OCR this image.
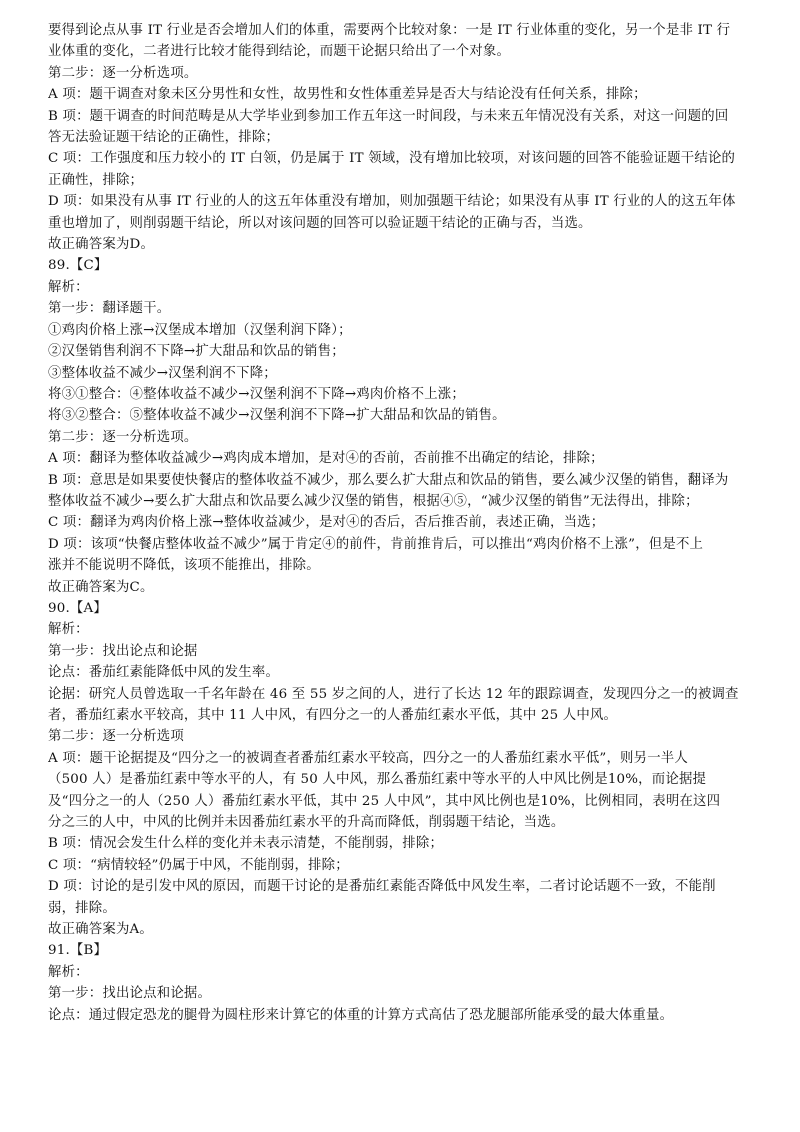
要得到论点从事 IT 行业是否会增加人们的体重，需要两个比较对象：一是 IT 行业体重的变化，另一个是非 IT 行
业体重的变化，二者进行比较才能得到结论，而题干论据只给出了一个对象。
第二步：逐一分析选项。
A 项：题干调查对象未区分男性和女性，故男性和女性体重差异是否大与结论没有任何关系，排除；
B 项：题干调查的时间范畴是从大学毕业到参加工作五年这一时间段，与未来五年情况没有关系，对这一问题的回
答无法验证题干结论的正确性，排除；
C 项：工作强度和压力较小的 IT 白领，仍是属于 IT 领域，没有增加比较项，对该问题的回答不能验证题干结论的
正确性，排除；
D 项：如果没有从事 IT 行业的人的这五年体重没有增加，则加强题干结论；如果没有从事 IT 行业的人的这五年体
重也增加了，则削弱题干结论，所以对该问题的回答可以验证题干结论的正确与否，当选。
故正确答案为D。
89.【C】
解析：
第一步：翻译题干。
①鸡肉价格上涨→汉堡成本增加（汉堡利润下降）；
②汉堡销售利润不下降→扩大甜品和饮品的销售；
③整体收益不减少→汉堡利润不下降；
将③①整合：④整体收益不减少→汉堡利润不下降→鸡肉价格不上涨；
将③②整合：⑤整体收益不减少→汉堡利润不下降→扩大甜品和饮品的销售。
第二步：逐一分析选项。
A 项：翻译为整体收益减少→鸡肉成本增加，是对④的否前，否前推不出确定的结论，排除；
B 项：意思是如果要使快餐店的整体收益不减少，那么要么扩大甜点和饮品的销售，要么减少汉堡的销售，翻译为
整体收益不减少→要么扩大甜点和饮品要么减少汉堡的销售，根据④⑤，“减少汉堡的销售”无法得出，排除；
C 项：翻译为鸡肉价格上涨→整体收益减少，是对④的否后，否后推否前，表述正确，当选；
D 项：该项“快餐店整体收益不减少”属于肯定④的前件，肯前推肯后，可以推出“鸡肉价格不上涨”，但是不上
涨并不能说明不降低，该项不能推出，排除。
故正确答案为C。
90.【A】
解析：
第一步：找出论点和论据
论点：番茄红素能降低中风的发生率。
论据：研究人员曾选取一千名年龄在 46 至 55 岁之间的人，进行了长达 12 年的跟踪调查，发现四分之一的被调查
者，番茄红素水平较高，其中 11 人中风，有四分之一的人番茄红素水平低，其中 25 人中风。
第二步：逐一分析选项
A 项：题干论据提及“四分之一的被调查者番茄红素水平较高，四分之一的人番茄红素水平低”，则另一半人
（500 人）是番茄红素中等水平的人，有 50 人中风，那么番茄红素中等水平的人中风比例是10%，而论据提
及“四分之一的人（250 人）番茄红素水平低，其中 25 人中风”，其中风比例也是10%，比例相同，表明在这四
分之三的人中，中风的比例并未因番茄红素水平的升高而降低，削弱题干结论，当选。
B 项：情况会发生什么样的变化并未表示清楚，不能削弱，排除；
C 项：“病情较轻”仍属于中风，不能削弱，排除；
D 项：讨论的是引发中风的原因，而题干讨论的是番茄红素能否降低中风发生率，二者讨论话题不一致，不能削
弱，排除。
故正确答案为A。
91.【B】
解析：
第一步：找出论点和论据。
论点：通过假定恐龙的腿骨为圆柱形来计算它的体重的计算方式高估了恐龙腿部所能承受的最大体重量。
